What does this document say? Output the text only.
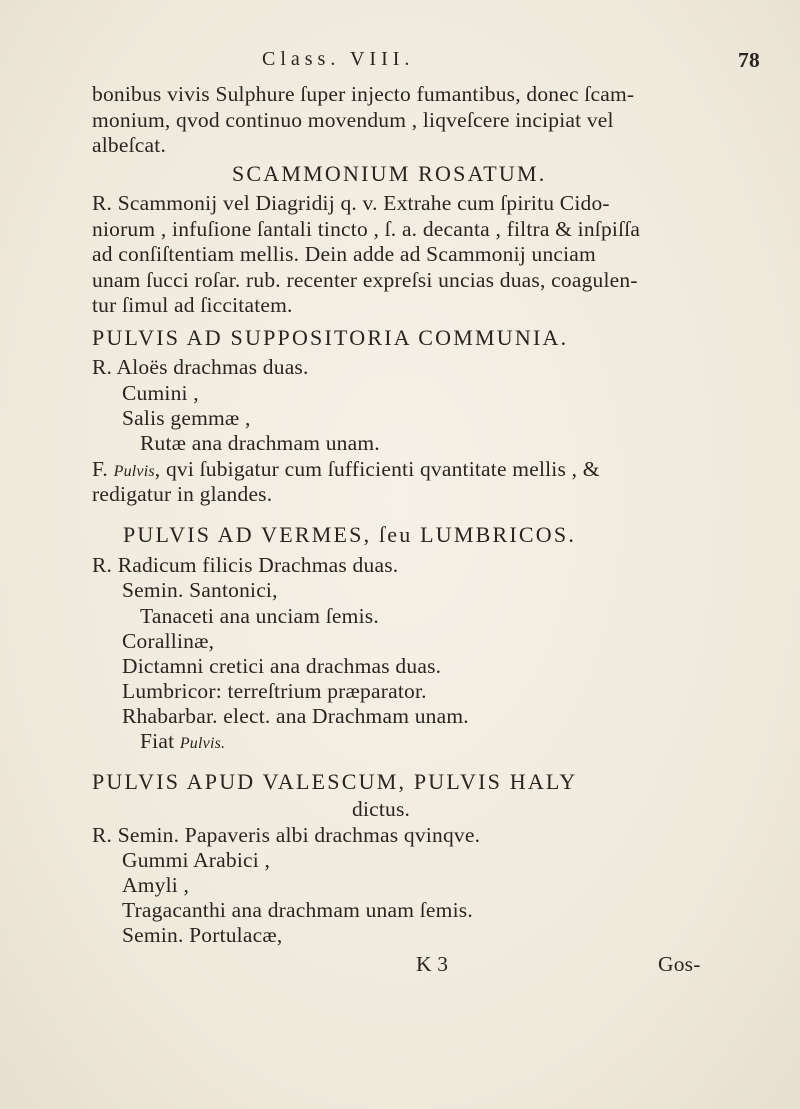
Class. VIII.	78
bonibus vivis Sulphure ſuper injecto fumantibus, donec ſcam-
monium, qvod continuo movendum , liqveſcere incipiat vel
albeſcat.
SCAMMONIUM ROSATUM.
R. Scammonij vel Diagridij q. v. Extrahe cum ſpiritu Cido-
niorum , infuſione ſantali tincto , ſ. a. decanta , filtra & inſpiſſa
ad conſiſtentiam mellis. Dein adde ad Scammonij unciam
unam ſucci roſar. rub. recenter expreſsi uncias duas, coagulen-
tur ſimul ad ſiccitatem.
PULVIS AD SUPPOSITORIA COMMUNIA.
R. Aloës drachmas duas.
Cumini ,
Salis gemmæ ,
Rutæ ana drachmam unam.
F. Pulvis, qvi ſubigatur cum ſufficienti qvantitate mellis , &
redigatur in glandes.
PULVIS AD VERMES, ſeu LUMBRICOS.
R. Radicum filicis Drachmas duas.
Semin. Santonici,
Tanaceti ana unciam ſemis.
Corallinæ,
Dictamni cretici ana drachmas duas.
Lumbricor: terreſtrium præparator.
Rhabarbar. elect. ana Drachmam unam.
Fiat Pulvis.
PULVIS APUD VALESCUM, PULVIS HALY
dictus.
R. Semin. Papaveris albi drachmas qvinqve.
Gummi Arabici ,
Amyli ,
Tragacanthi ana drachmam unam ſemis.
Semin. Portulacæ,
K 3	Gos-
